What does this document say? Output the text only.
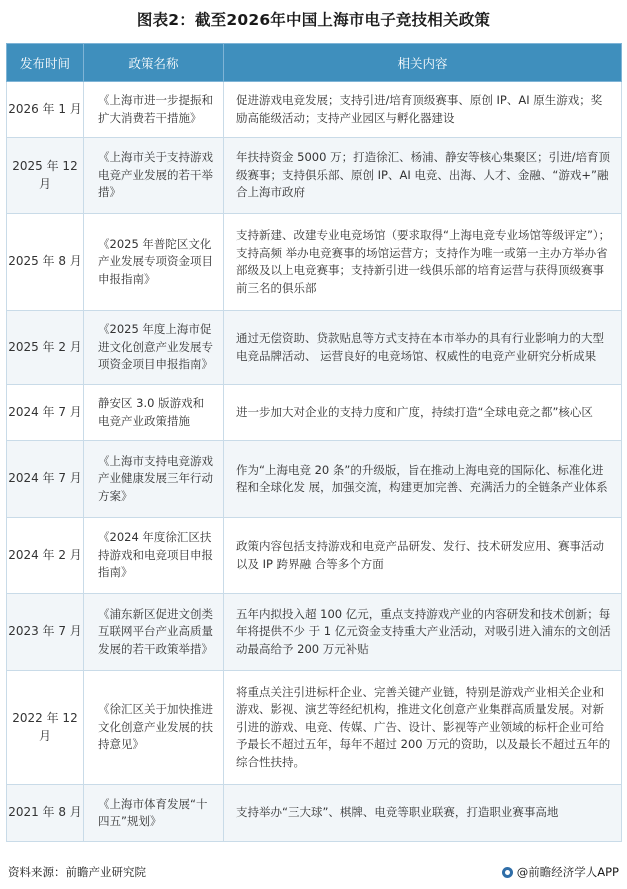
图表2：截至2026年中国上海市电子竞技相关政策
发布时间	政策名称	相关内容
2026 年 1 月	《上海市进一步提振和扩大消费若干措施》	促进游戏电竞发展；支持引进/培育顶级赛事、原创 IP、AI 原生游戏；奖励高能级活动；支持产业园区与孵化器建设
2025 年 12 月	《上海市关于支持游戏电竞产业发展的若干举措》	年扶持资金 5000 万；打造徐汇、杨浦、静安等核心集聚区；引进/培育顶级赛事；支持俱乐部、原创 IP、AI 电竞、出海、人才、金融、“游戏+”融合上海市政府
2025 年 8 月	《2025 年普陀区文化产业发展专项资金项目申报指南》	支持新建、改建专业电竞场馆（要求取得“上海电竞专业场馆等级评定”）；支持高频 举办电竞赛事的场馆运营方；支持作为唯一或第一主办方举办省部级及以上电竞赛事；支持新引进一线俱乐部的培育运营与获得顶级赛事前三名的俱乐部
2025 年 2 月	《2025 年度上海市促进文化创意产业发展专项资金项目申报指南》	通过无偿资助、贷款贴息等方式支持在本市举办的具有行业影响力的大型电竞品牌活动、 运营良好的电竞场馆、权威性的电竞产业研究分析成果
2024 年 7 月	静安区 3.0 版游戏和电竞产业政策措施	进一步加大对企业的支持力度和广度，持续打造“全球电竞之都”核心区
2024 年 7 月	《上海市支持电竞游戏产业健康发展三年行动方案》	作为“上海电竞 20 条”的升级版，旨在推动上海电竞的国际化、标准化进程和全球化发 展，加强交流，构建更加完善、充满活力的全链条产业体系
2024 年 2 月	《2024 年度徐汇区扶持游戏和电竞项目申报指南》	政策内容包括支持游戏和电竞产品研发、发行、技术研发应用、赛事活动以及 IP 跨界融 合等多个方面
2023 年 7 月	《浦东新区促进文创类互联网平台产业高质量发展的若干政策举措》	五年内拟投入超 100 亿元，重点支持游戏产业的内容研发和技术创新；每年将提供不少 于 1 亿元资金支持重大产业活动，对吸引进入浦东的文创活动最高给予 200 万元补贴
2022 年 12 月	《徐汇区关于加快推进文化创意产业发展的扶持意见》	将重点关注引进标杆企业、完善关键产业链，特别是游戏产业相关企业和游戏、影视、演艺等经纪机构，推进文化创意产业集群高质量发展。对新引进的游戏、电竞、传媒、广告、设计、影视等产业领域的标杆企业可给予最长不超过五年，每年不超过 200 万元的资助，以及最长不超过五年的综合性扶持。
2021 年 8 月	《上海市体育发展“十四五”规划》	支持举办“三大球”、棋牌、电竞等职业联赛，打造职业赛事高地
资料来源：前瞻产业研究院	@前瞻经济学人APP
